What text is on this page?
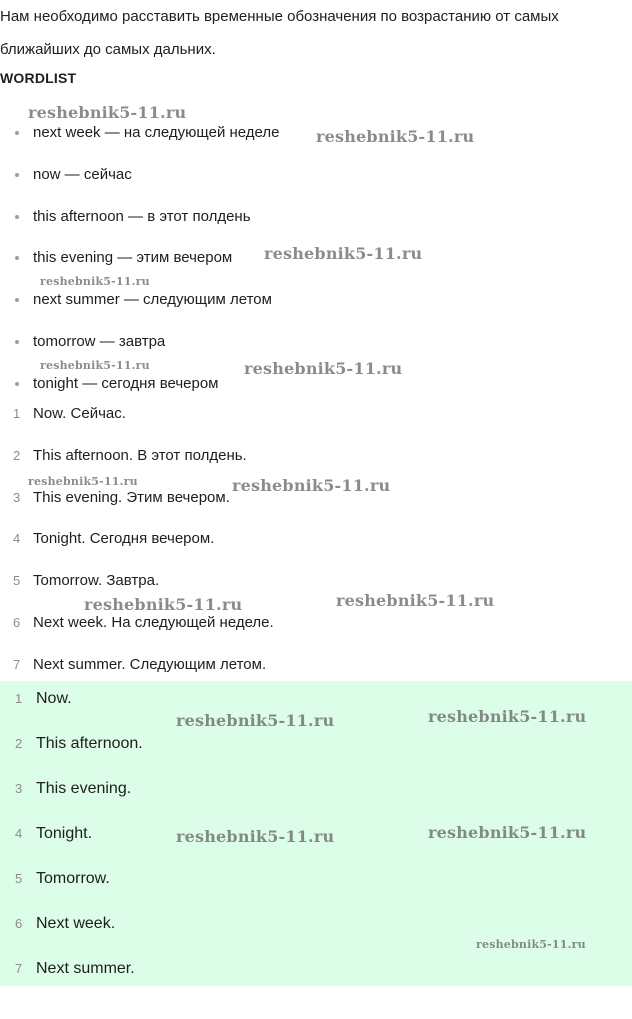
Нам необходимо расставить временные обозначения по возрастанию от самых ближайших до самых дальних.

WORDLIST
next week — на следующей неделе
now — сейчас
this afternoon — в этот полдень
this evening — этим вечером
next summer — следующим летом
tomorrow — завтра
tonight — сегодня вечером
1 Now. Сейчас.
2 This afternoon. В этот полдень.
3 This evening. Этим вечером.
4 Tonight. Сегодня вечером.
5 Tomorrow. Завтра.
6 Next week. На следующей неделе.
7 Next summer. Следующим летом.
1 Now.
2 This afternoon.
3 This evening.
4 Tonight.
5 Tomorrow.
6 Next week.
7 Next summer.
reshebnik5-11.ru
reshebnik5-11.ru
reshebnik5-11.ru
reshebnik5-11.ru
reshebnik5-11.ru	reshebnik5-11.ru
reshebnik5-11.ru	reshebnik5-11.ru
reshebnik5-11.ru	reshebnik5-11.ru
reshebnik5-11.ru	reshebnik5-11.ru
reshebnik5-11.ru	reshebnik5-11.ru
reshebnik5-11.ru
